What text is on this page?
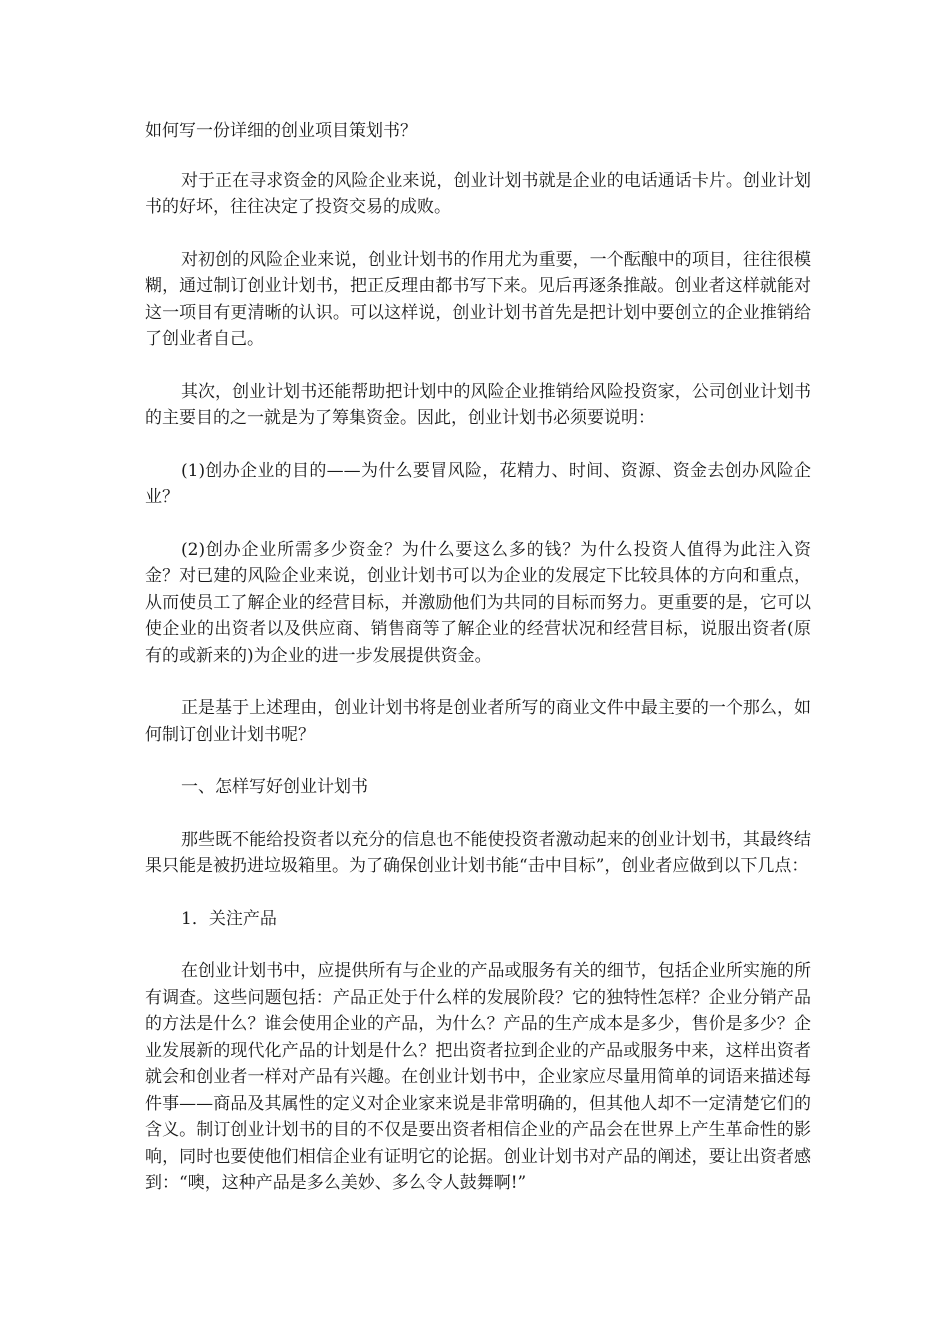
如何写一份详细的创业项目策划书？

对于正在寻求资金的风险企业来说，创业计划书就是企业的电话通话卡片。创业计划书的好坏，往往决定了投资交易的成败。

对初创的风险企业来说，创业计划书的作用尤为重要，一个酝酿中的项目，往往很模糊，通过制订创业计划书，把正反理由都书写下来。见后再逐条推敲。创业者这样就能对这一项目有更清晰的认识。可以这样说，创业计划书首先是把计划中要创立的企业推销给了创业者自己。

其次，创业计划书还能帮助把计划中的风险企业推销给风险投资家，公司创业计划书的主要目的之一就是为了筹集资金。因此，创业计划书必须要说明：

(1)创办企业的目的——为什么要冒风险，花精力、时间、资源、资金去创办风险企业？

(2)创办企业所需多少资金？为什么要这么多的钱？为什么投资人值得为此注入资金？对已建的风险企业来说，创业计划书可以为企业的发展定下比较具体的方向和重点，从而使员工了解企业的经营目标，并激励他们为共同的目标而努力。更重要的是，它可以使企业的出资者以及供应商、销售商等了解企业的经营状况和经营目标，说服出资者(原有的或新来的)为企业的进一步发展提供资金。

正是基于上述理由，创业计划书将是创业者所写的商业文件中最主要的一个那么，如何制订创业计划书呢？

一、怎样写好创业计划书

那些既不能给投资者以充分的信息也不能使投资者激动起来的创业计划书，其最终结果只能是被扔进垃圾箱里。为了确保创业计划书能“击中目标”，创业者应做到以下几点：

1．关注产品

在创业计划书中，应提供所有与企业的产品或服务有关的细节，包括企业所实施的所有调查。这些问题包括：产品正处于什么样的发展阶段？它的独特性怎样？企业分销产品的方法是什么？谁会使用企业的产品，为什么？产品的生产成本是多少，售价是多少？企业发展新的现代化产品的计划是什么？把出资者拉到企业的产品或服务中来，这样出资者就会和创业者一样对产品有兴趣。在创业计划书中，企业家应尽量用简单的词语来描述每件事——商品及其属性的定义对企业家来说是非常明确的，但其他人却不一定清楚它们的含义。制订创业计划书的目的不仅是要出资者相信企业的产品会在世界上产生革命性的影响，同时也要使他们相信企业有证明它的论据。创业计划书对产品的阐述，要让出资者感到：“噢，这种产品是多么美妙、多么令人鼓舞啊!”
